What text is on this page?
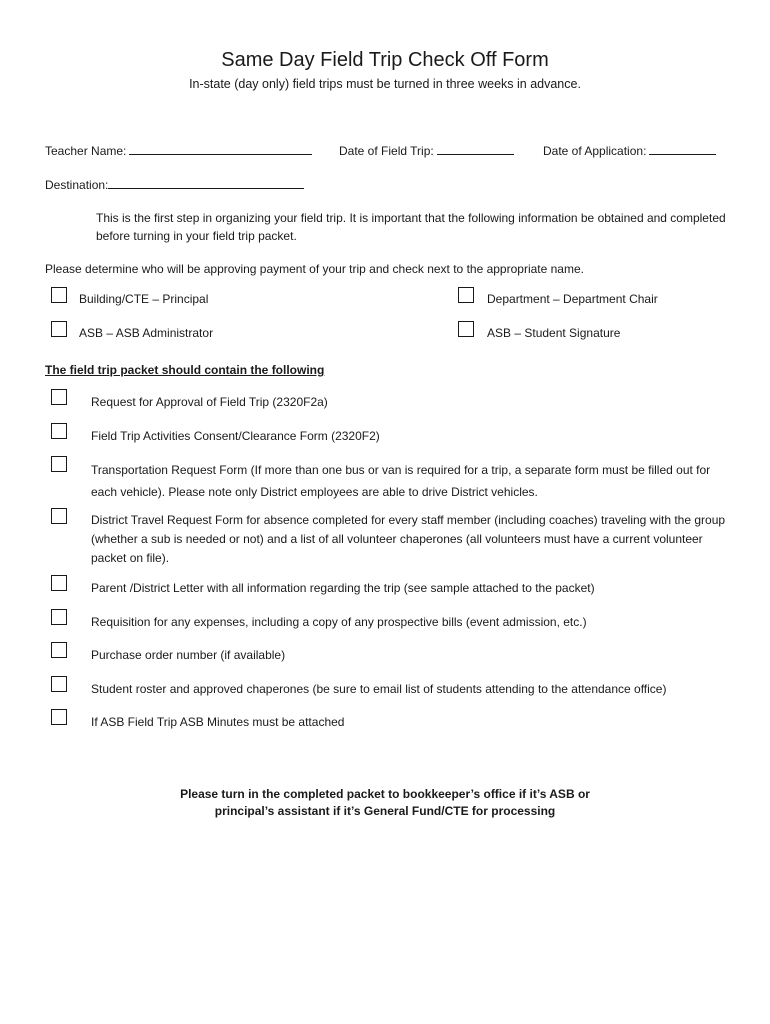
Same Day Field Trip Check Off Form
In-state (day only) field trips must be turned in three weeks in advance.
Teacher Name:	Date of Field Trip:	Date of Application:
Destination:
This is the first step in organizing your field trip. It is important that the following information be obtained and completed before turning in your field trip packet.
Please determine who will be approving payment of your trip and check next to the appropriate name.
Building/CTE – Principal	Department – Department Chair
ASB – ASB Administrator	ASB – Student Signature
The field trip packet should contain the following
Request for Approval of Field Trip (2320F2a)
Field Trip Activities Consent/Clearance Form (2320F2)
Transportation Request Form (If more than one bus or van is required for a trip, a separate form must be filled out for each vehicle). Please note only District employees are able to drive District vehicles.
District Travel Request Form for absence completed for every staff member (including coaches) traveling with the group (whether a sub is needed or not) and a list of all volunteer chaperones (all volunteers must have a current volunteer packet on file).
Parent /District Letter with all information regarding the trip (see sample attached to the packet)
Requisition for any expenses, including a copy of any prospective bills (event admission, etc.)
Purchase order number (if available)
Student roster and approved chaperones (be sure to email list of students attending to the attendance office)
If ASB Field Trip ASB Minutes must be attached
Please turn in the completed packet to bookkeeper’s office if it’s ASB or
principal’s assistant if it’s General Fund/CTE for processing
